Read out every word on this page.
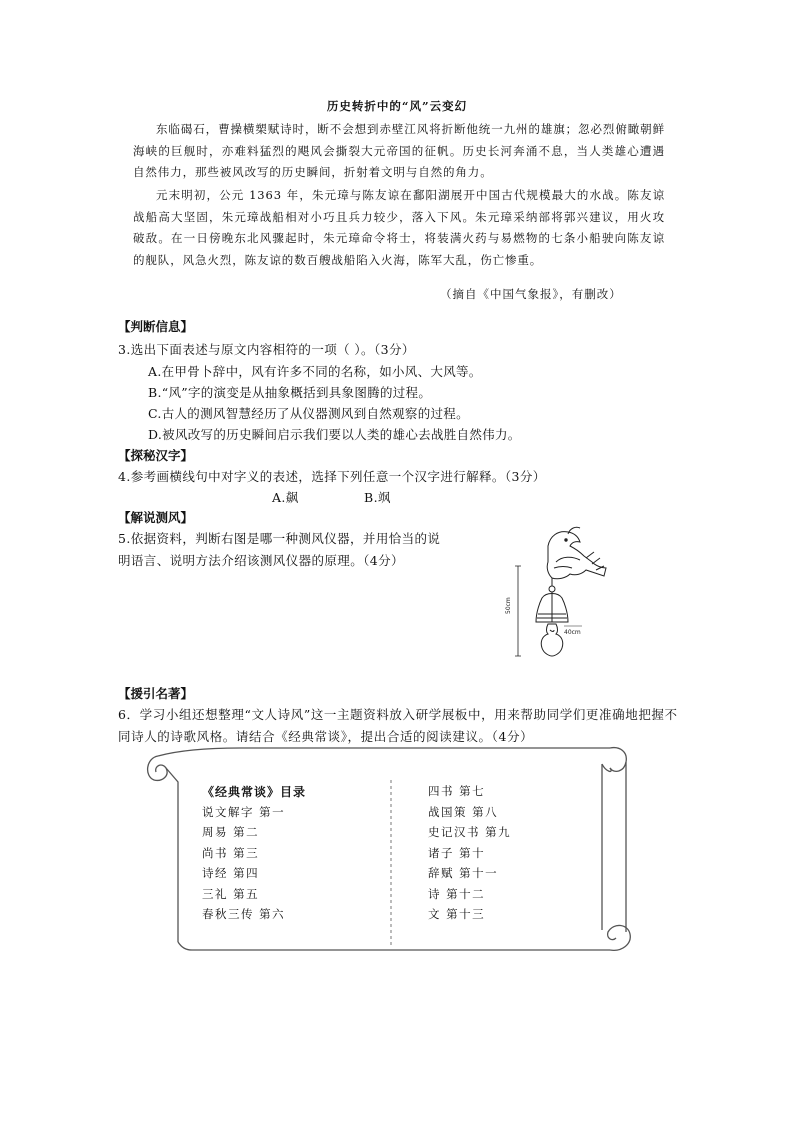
历史转折中的“风”云变幻
东临碣石，曹操横槊赋诗时，断不会想到赤壁江风将折断他统一九州的雄旗；忽必烈俯瞰朝鲜海峡的巨舰时，亦难料猛烈的飓风会撕裂大元帝国的征帆。历史长河奔涌不息，当人类雄心遭遇自然伟力，那些被风改写的历史瞬间，折射着文明与自然的角力。
元末明初，公元 1363 年，朱元璋与陈友谅在鄱阳湖展开中国古代规模最大的水战。陈友谅战船高大坚固，朱元璋战船相对小巧且兵力较少，落入下风。朱元璋采纳部将郭兴建议，用火攻破敌。在一日傍晚东北风骤起时，朱元璋命令将士，将装满火药与易燃物的七条小船驶向陈友谅的舰队，风急火烈，陈友谅的数百艘战船陷入火海，陈军大乱，伤亡惨重。
（摘自《中国气象报》，有删改）
【判断信息】
3.选出下面表述与原文内容相符的一项（ ）。（3分）
A.在甲骨卜辞中，风有许多不同的名称，如小风、大风等。
B.“风”字的演变是从抽象概括到具象图腾的过程。
C.古人的测风智慧经历了从仪器测风到自然观察的过程。
D.被风改写的历史瞬间启示我们要以人类的雄心去战胜自然伟力。
【探秘汉字】
4.参考画横线句中对字义的表述，选择下列任意一个汉字进行解释。（3分）
A.飙	B.飒
【解说测风】
5.依据资料，判断右图是哪一种测风仪器，并用恰当的说
明语言、说明方法介绍该测风仪器的原理。（4分）
50cm
40cm
【援引名著】
6．学习小组还想整理“文人诗风”这一主题资料放入研学展板中，用来帮助同学们更准确地把握不同诗人的诗歌风格。请结合《经典常谈》，提出合适的阅读建议。（4分）
《经典常谈》目录
说文解字 第一
周易 第二
尚书 第三
诗经 第四
三礼 第五
春秋三传 第六
四书 第七
战国策 第八
史记汉书 第九
诸子 第十
辞赋 第十一
诗 第十二
文 第十三
